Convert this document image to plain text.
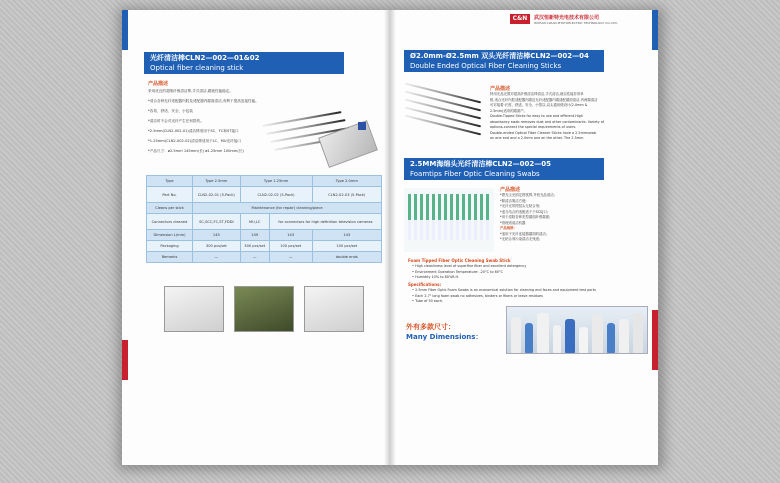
光纤清洁棒CLN2—002—01&02
Optical fiber cleaning stick
产品描述
采用优良的超细纤维清洁棒,手式清洁,跟就性能稳定。
*适合各种光纤适配器内腔及适配器内端面清洁,有利于提高连接性能。
*容易、舒适、安全、小包装
*清洁时不会对光纤产生任何损伤。
*2.5mm(CLN2-002-01)清洁棒适用于SC、FC和ST接口
*1.25mm(CLN2-002-02)清洁棒适用于LC、MU光纤接口
*产品尺寸：ø2.5mm 145mm(长) ø1.25mm 100mm(长)
Type	Type 2.5mm	Type 1.25mm		Type 2.0mm
Part No.	CLN2-02-01 (5-Pack)	CLN2-02-02 (5-Pack)		CLN2-02-03 (5-Pack)
Cleans per stick	Maintenance (for repair) cleaning/piece			
Connectors cleaned	SC,SCC,FC,ST,FDDI	MU,LC	for connectors for high definition television cameras	
Dimension L(mm)	145	109	143	143
Packaging	300 pcs/set	300 pcs/set	100 pcs/set	100 pcs/set
Remarks	—	—	—	double ends
Ø2.0mm-Ø2.5mm 双头光纤清洁棒CLN2—002—04
Double Ended Optical Fiber Cleaning Sticks
产品描述
特用光品光缆对超高纤维清洁棒清洁,手式清洁,就以性能非常单
根-适合光纤内腔适配器内端及光纤适配器内端适配端面清洁-内两端清洁
可对接着:长度、舒适、安全、小型以-双头通用便设计(2.0mm &
2.5mm)适用的端面产。
Double-Tipped Sticks for easy to use and efficient.High
absorbancy swab removes dust and other contaminants. Variety of
options-connect the special requirements of users.
Double-ended Optical Fiber Cleaner Sticks have a 2.5mmswab
on one end and a 2.0mm one on the other. The 2.5mm
2.5MM海绵头光纤清洁棒CLN2—002—05
Foamtips Fiber Optic Cleaning Swabs
产品描述
*擦光尘光固定擦拭棒,并低光品清洁;
*除清洁简洁方便;
*光纤光带擦拭头无粘合剂;
*适当结合的适配适于于SC接口;
*用于清除各种类型端面纤维端面;
*管理适清洁机器
产品规格：
*适用于光纤连接器端面的清洁;
*无粘合剂污染清洁无残迹;
Foam Tipped Fiber Optic Cleaning Swab Stick
• High cleanliness level of superfine fiber and excellent detergency
• Environment Operation Temperature: -20°C to 60°C
• Humidity 10% to 80%R.H.
Specifications:
• 2.5mm Fiber Optic Foam Swabs is an economical solution for cleaning end faces and equipment test ports
• Each 2.7" long foam swab no adhesives, binders or fibers or leave residues
• Tube of 50 each.
外有多款尺寸：
Many Dimensions：
C&N	武汉恒新特光电技术有限公司
WUHAN CLEAN PHOTOELECTRIC TECHNOLOGY CO.,LTD.
